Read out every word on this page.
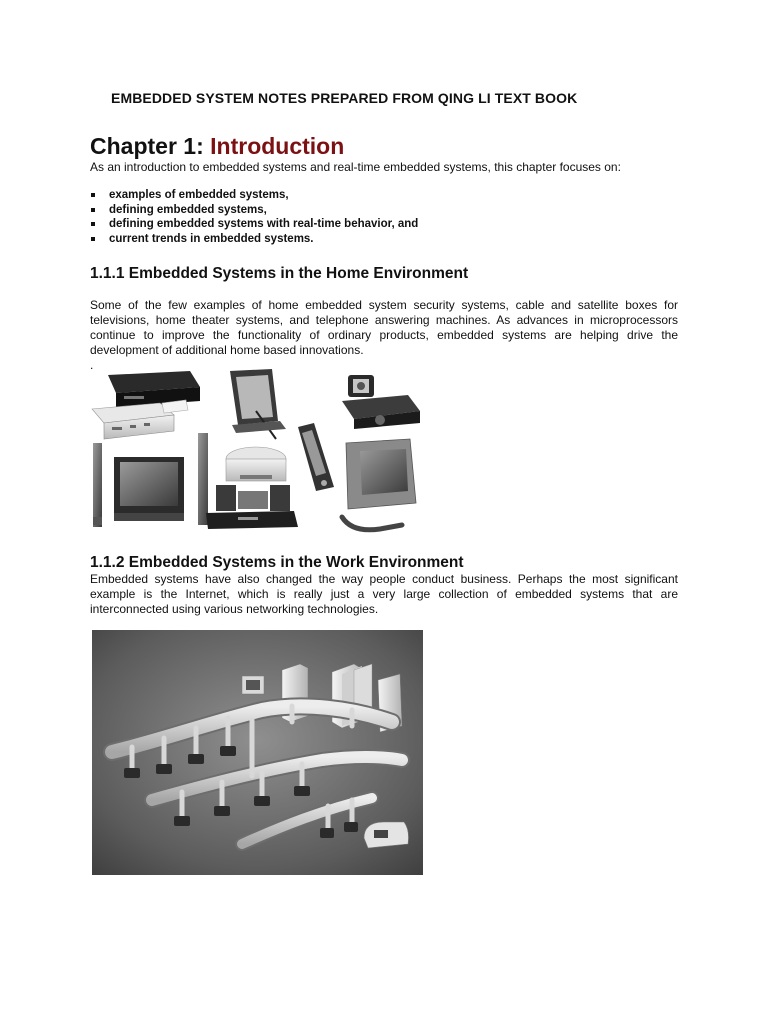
EMBEDDED SYSTEM NOTES PREPARED FROM QING LI TEXT BOOK
Chapter 1: Introduction
As an introduction to embedded systems and real-time embedded systems, this chapter focuses on:
examples of embedded systems,
defining embedded systems,
defining embedded systems with real-time behavior, and
current trends in embedded systems.
1.1.1 Embedded Systems in the Home Environment
Some of the few examples of home embedded system security systems, cable and satellite boxes for televisions, home theater systems, and telephone answering machines. As advances in microprocessors continue to improve the functionality of ordinary products, embedded systems are helping drive the development of additional home based innovations.
.
1.1.2 Embedded Systems in the Work Environment
Embedded systems have also changed the way people conduct business. Perhaps the most significant example is the Internet, which is really just a very large collection of embedded systems that are interconnected using various networking technologies.
